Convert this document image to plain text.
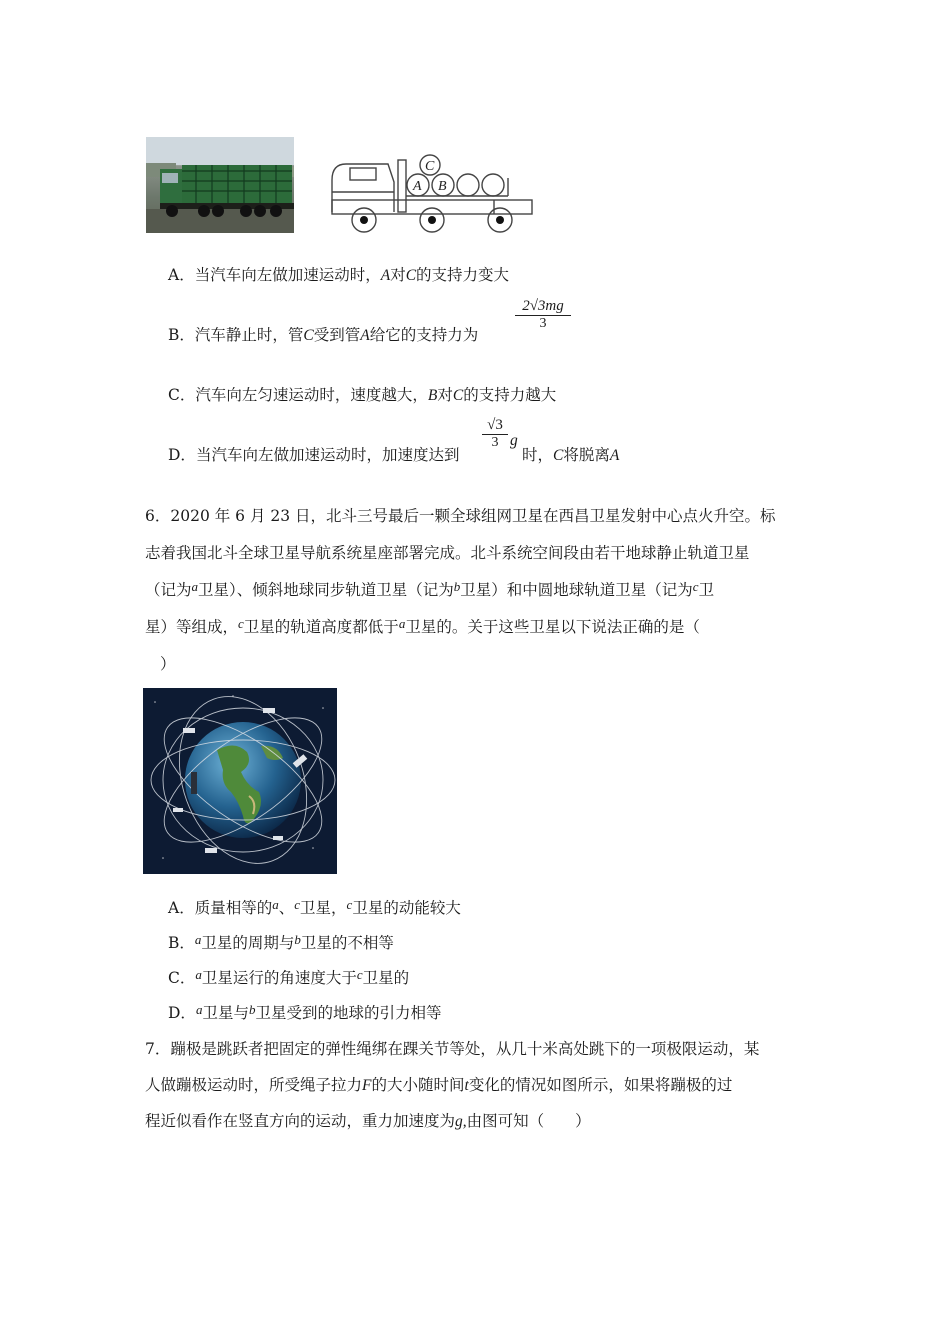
C
A B
A．当汽车向左做加速运动时，A对C的支持力变大
B．汽车静止时，管C受到管A给它的支持力为
2√3mg
3
C．汽车向左匀速运动时，速度越大，B对C的支持力越大
D．当汽车向左做加速运动时，加速度达到
√3
3 g
时，C将脱离A
6．2020 年 6 月 23 日，北斗三号最后一颗全球组网卫星在西昌卫星发射中心点火升空。标
志着我国北斗全球卫星导航系统星座部署完成。北斗系统空间段由若干地球静止轨道卫星
（记为$^a$卫星）、倾斜地球同步轨道卫星（记为$^b$卫星）和中圆地球轨道卫星（记为$^c$卫
星）等组成，$^c$卫星的轨道高度都低于$^a$卫星的。关于这些卫星以下说法正确的是（
）
A．质量相等的$^a$、$^c$卫星，$^c$卫星的动能较大
B．$^a$卫星的周期与$^b$卫星的不相等
C．$^a$卫星运行的角速度大于$^c$卫星的
D．$^a$卫星与$^b$卫星受到的地球的引力相等
7．蹦极是跳跃者把固定的弹性绳绑在踝关节等处，从几十米高处跳下的一项极限运动，某
人做蹦极运动时，所受绳子拉力F的大小随时间t变化的情况如图所示，如果将蹦极的过
程近似看作在竖直方向的运动，重力加速度为g,由图可知（　　）
